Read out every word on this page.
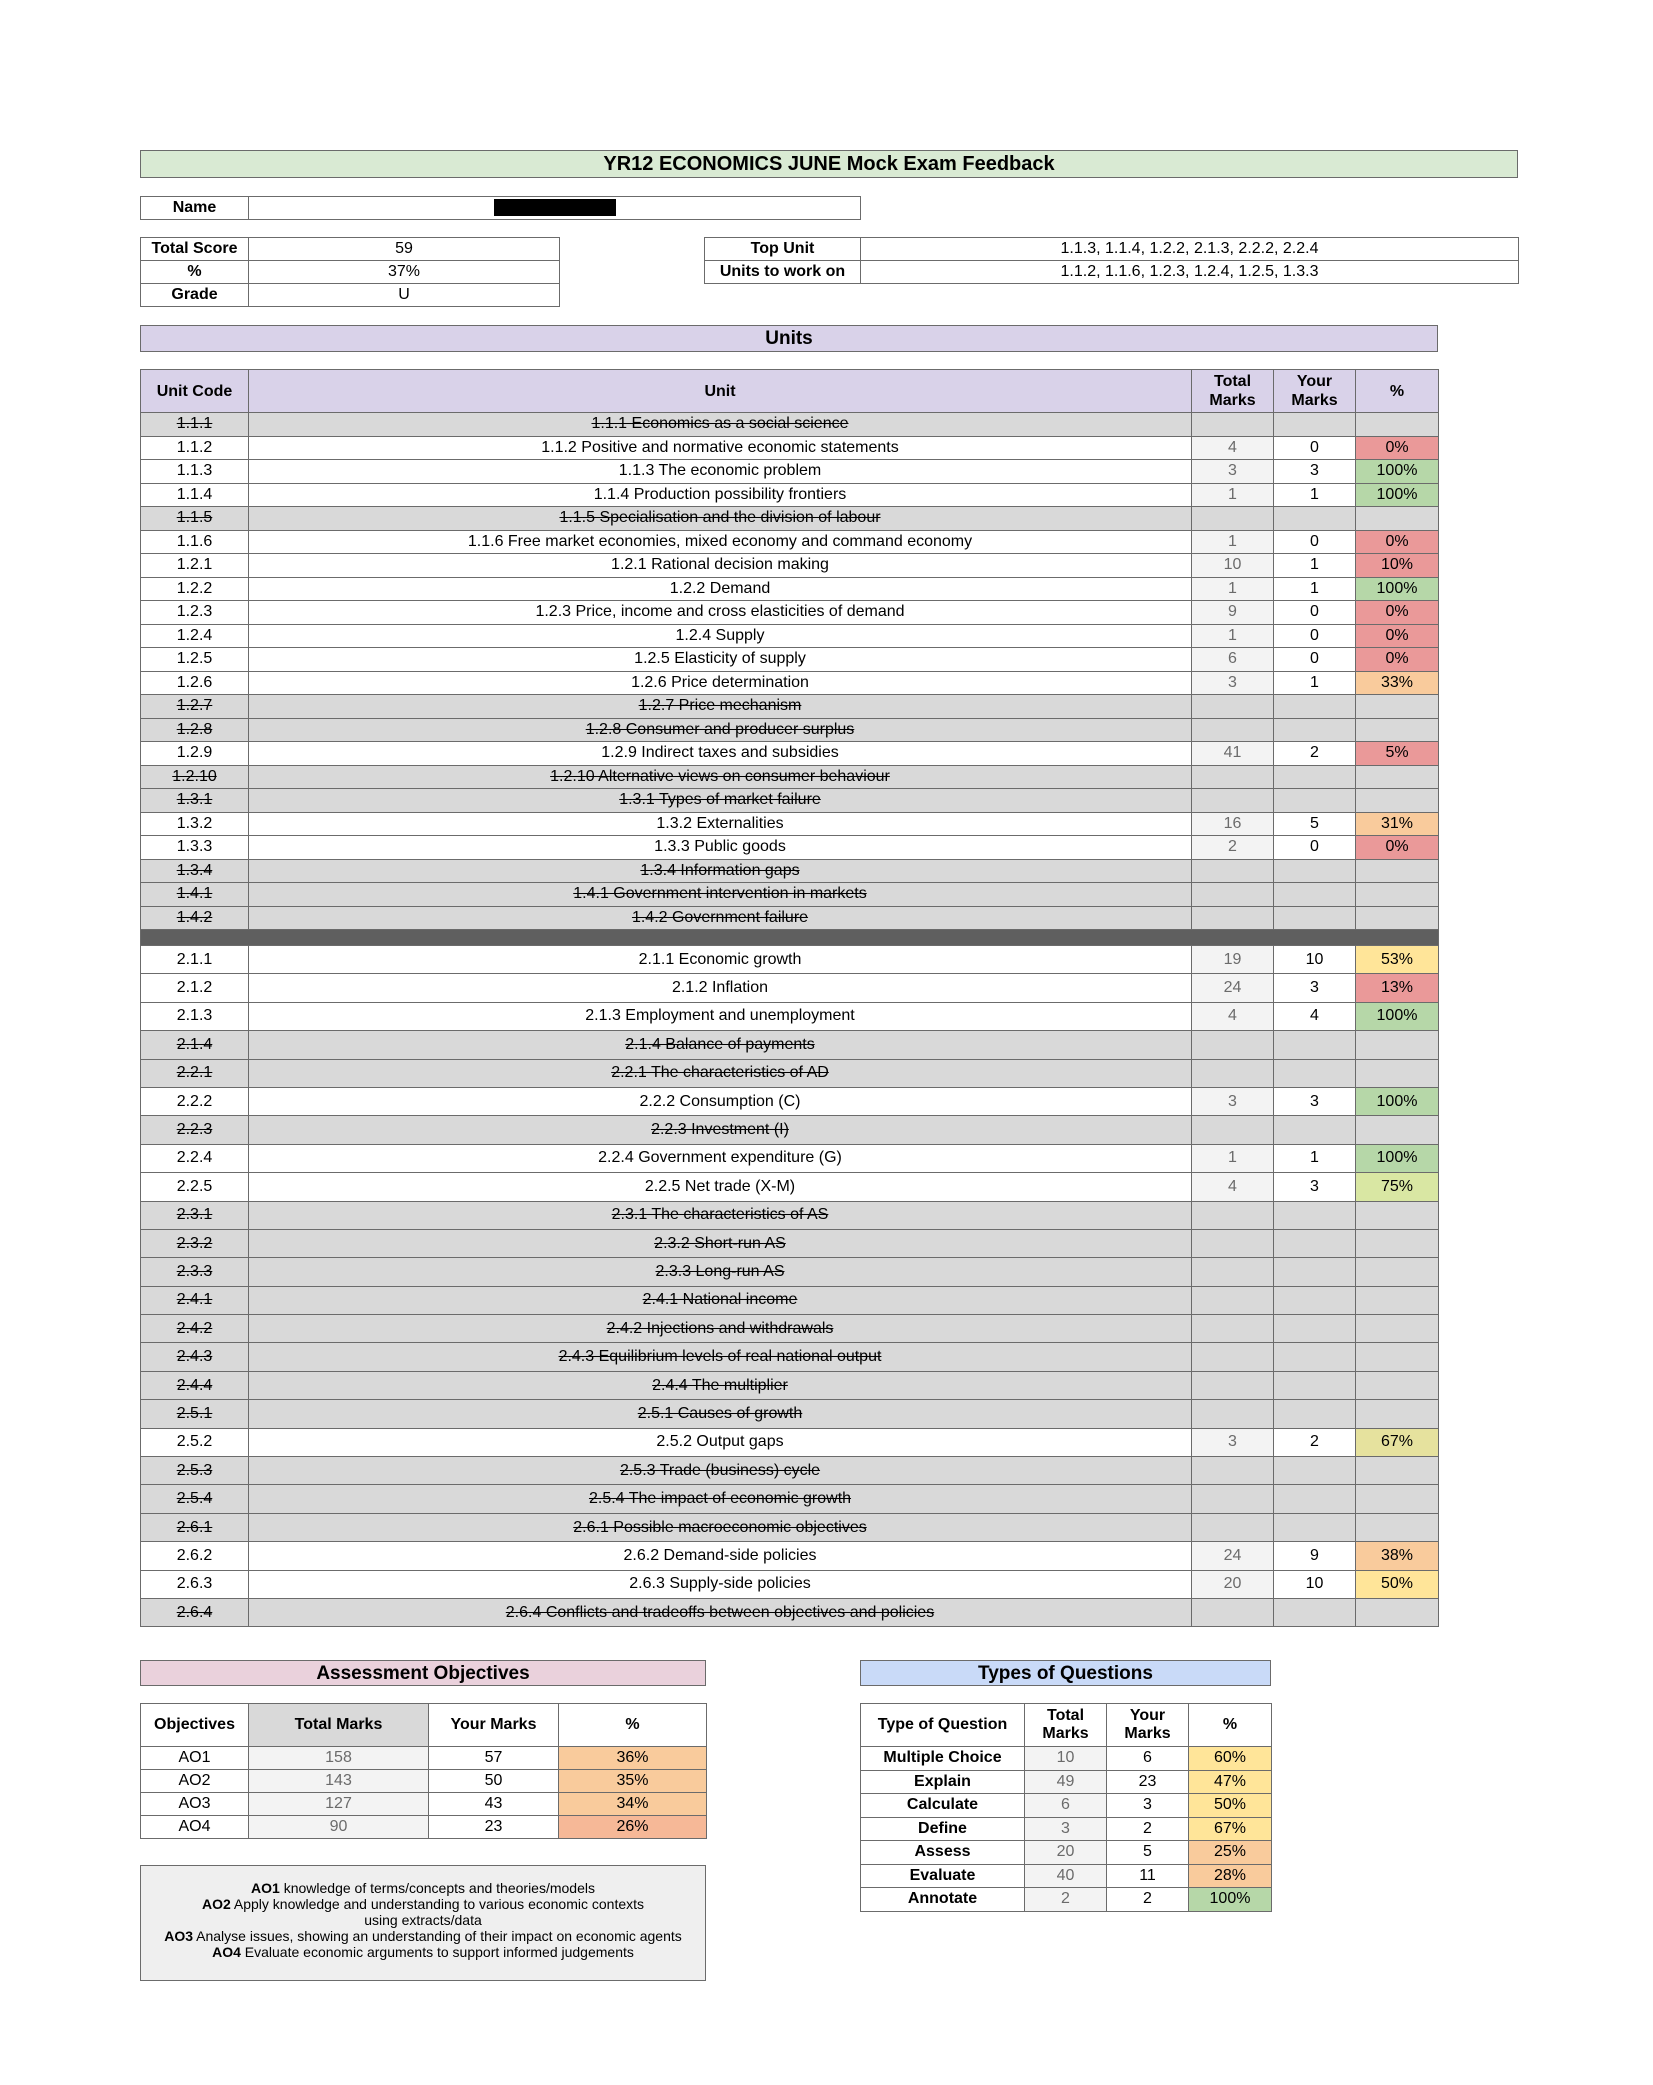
YR12 ECONOMICS JUNE Mock Exam Feedback
Name	
Total Score	59
%	37%
Grade	U
Top Unit	1.1.3, 1.1.4, 1.2.2, 2.1.3, 2.2.2, 2.2.4
Units to work on	1.1.2, 1.1.6, 1.2.3, 1.2.4, 1.2.5, 1.3.3
Units
Unit Code	Unit	Total Marks	Your Marks	%
1.1.1	1.1.1 Economics as a social science			
1.1.2	1.1.2 Positive and normative economic statements	4	0	0%
1.1.3	1.1.3 The economic problem	3	3	100%
1.1.4	1.1.4 Production possibility frontiers	1	1	100%
1.1.5	1.1.5 Specialisation and the division of labour			
1.1.6	1.1.6 Free market economies, mixed economy and command economy	1	0	0%
1.2.1	1.2.1 Rational decision making	10	1	10%
1.2.2	1.2.2 Demand	1	1	100%
1.2.3	1.2.3 Price, income and cross elasticities of demand	9	0	0%
1.2.4	1.2.4 Supply	1	0	0%
1.2.5	1.2.5 Elasticity of supply	6	0	0%
1.2.6	1.2.6 Price determination	3	1	33%
1.2.7	1.2.7 Price mechanism			
1.2.8	1.2.8 Consumer and producer surplus			
1.2.9	1.2.9 Indirect taxes and subsidies	41	2	5%
1.2.10	1.2.10 Alternative views on consumer behaviour			
1.3.1	1.3.1 Types of market failure			
1.3.2	1.3.2 Externalities	16	5	31%
1.3.3	1.3.3 Public goods	2	0	0%
1.3.4	1.3.4 Information gaps			
1.4.1	1.4.1 Government intervention in markets			
1.4.2	1.4.2 Government failure			

2.1.1	2.1.1 Economic growth	19	10	53%
2.1.2	2.1.2 Inflation	24	3	13%
2.1.3	2.1.3 Employment and unemployment	4	4	100%
2.1.4	2.1.4 Balance of payments			
2.2.1	2.2.1 The characteristics of AD			
2.2.2	2.2.2 Consumption (C)	3	3	100%
2.2.3	2.2.3 Investment (I)			
2.2.4	2.2.4 Government expenditure (G)	1	1	100%
2.2.5	2.2.5 Net trade (X-M)	4	3	75%
2.3.1	2.3.1 The characteristics of AS			
2.3.2	2.3.2 Short-run AS			
2.3.3	2.3.3 Long-run AS			
2.4.1	2.4.1 National income			
2.4.2	2.4.2 Injections and withdrawals			
2.4.3	2.4.3 Equilibrium levels of real national output			
2.4.4	2.4.4 The multiplier			
2.5.1	2.5.1 Causes of growth			
2.5.2	2.5.2 Output gaps	3	2	67%
2.5.3	2.5.3 Trade (business) cycle			
2.5.4	2.5.4 The impact of economic growth			
2.6.1	2.6.1 Possible macroeconomic objectives			
2.6.2	2.6.2 Demand-side policies	24	9	38%
2.6.3	2.6.3 Supply-side policies	20	10	50%
2.6.4	2.6.4 Conflicts and tradeoffs between objectives and policies			
Assessment Objectives
Objectives	Total Marks	Your Marks	%
AO1	158	57	36%
AO2	143	50	35%
AO3	127	43	34%
AO4	90	23	26%
AO1 knowledge of terms/concepts and theories/models
AO2 Apply knowledge and understanding to various economic contexts using extracts/data
AO3 Analyse issues, showing an understanding of their impact on economic agents
AO4 Evaluate economic arguments to support informed judgements
Types of Questions
Type of Question	Total Marks	Your Marks	%
Multiple Choice	10	6	60%
Explain	49	23	47%
Calculate	6	3	50%
Define	3	2	67%
Assess	20	5	25%
Evaluate	40	11	28%
Annotate	2	2	100%
